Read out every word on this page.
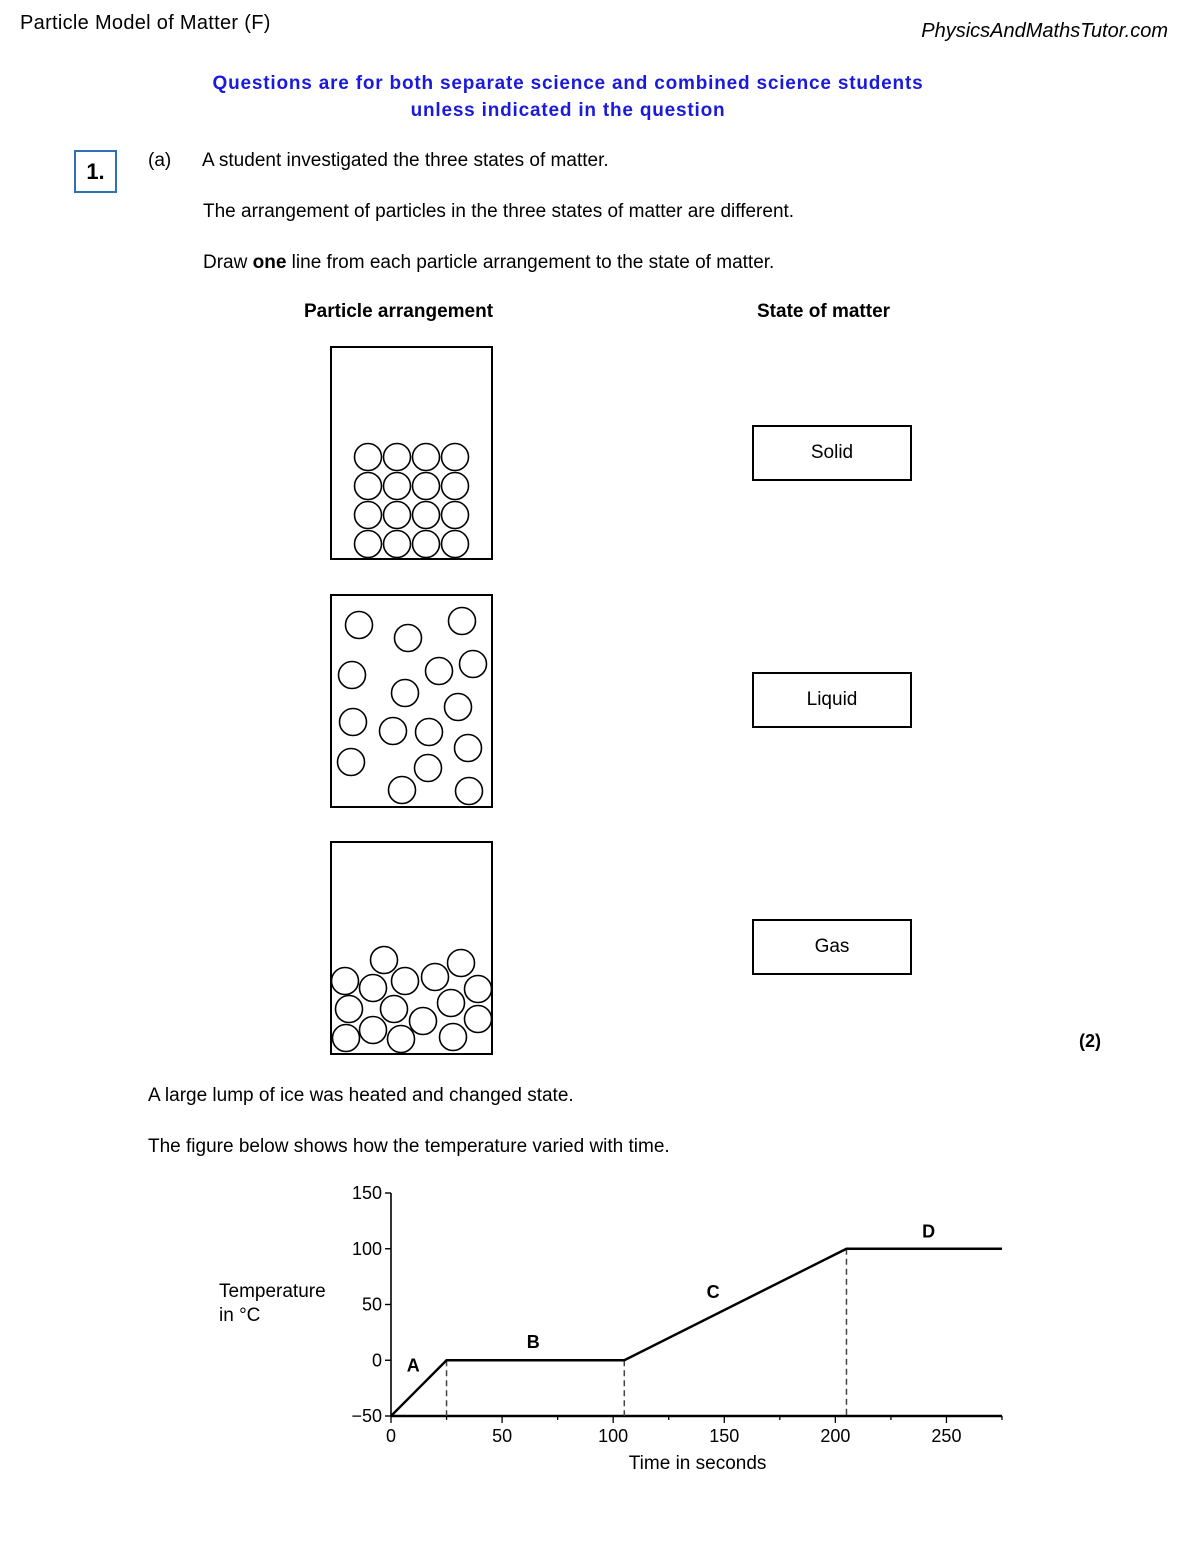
Particle Model of Matter (F)	PhysicsAndMathsTutor.com
Questions are for both separate science and combined science students
unless indicated in the question
1.	(a) A student investigated the three states of matter.
The arrangement of particles in the three states of matter are different.
Draw one line from each particle arrangement to the state of matter.
Particle arrangement	State of matter
Solid
Liquid
Gas
(2)
A large lump of ice was heated and changed state.
The figure below shows how the temperature varied with time.
−50
0
50
100
150
0	50	100	150	200	250
Time in seconds
Temperature
in °C
A
B
C
D
